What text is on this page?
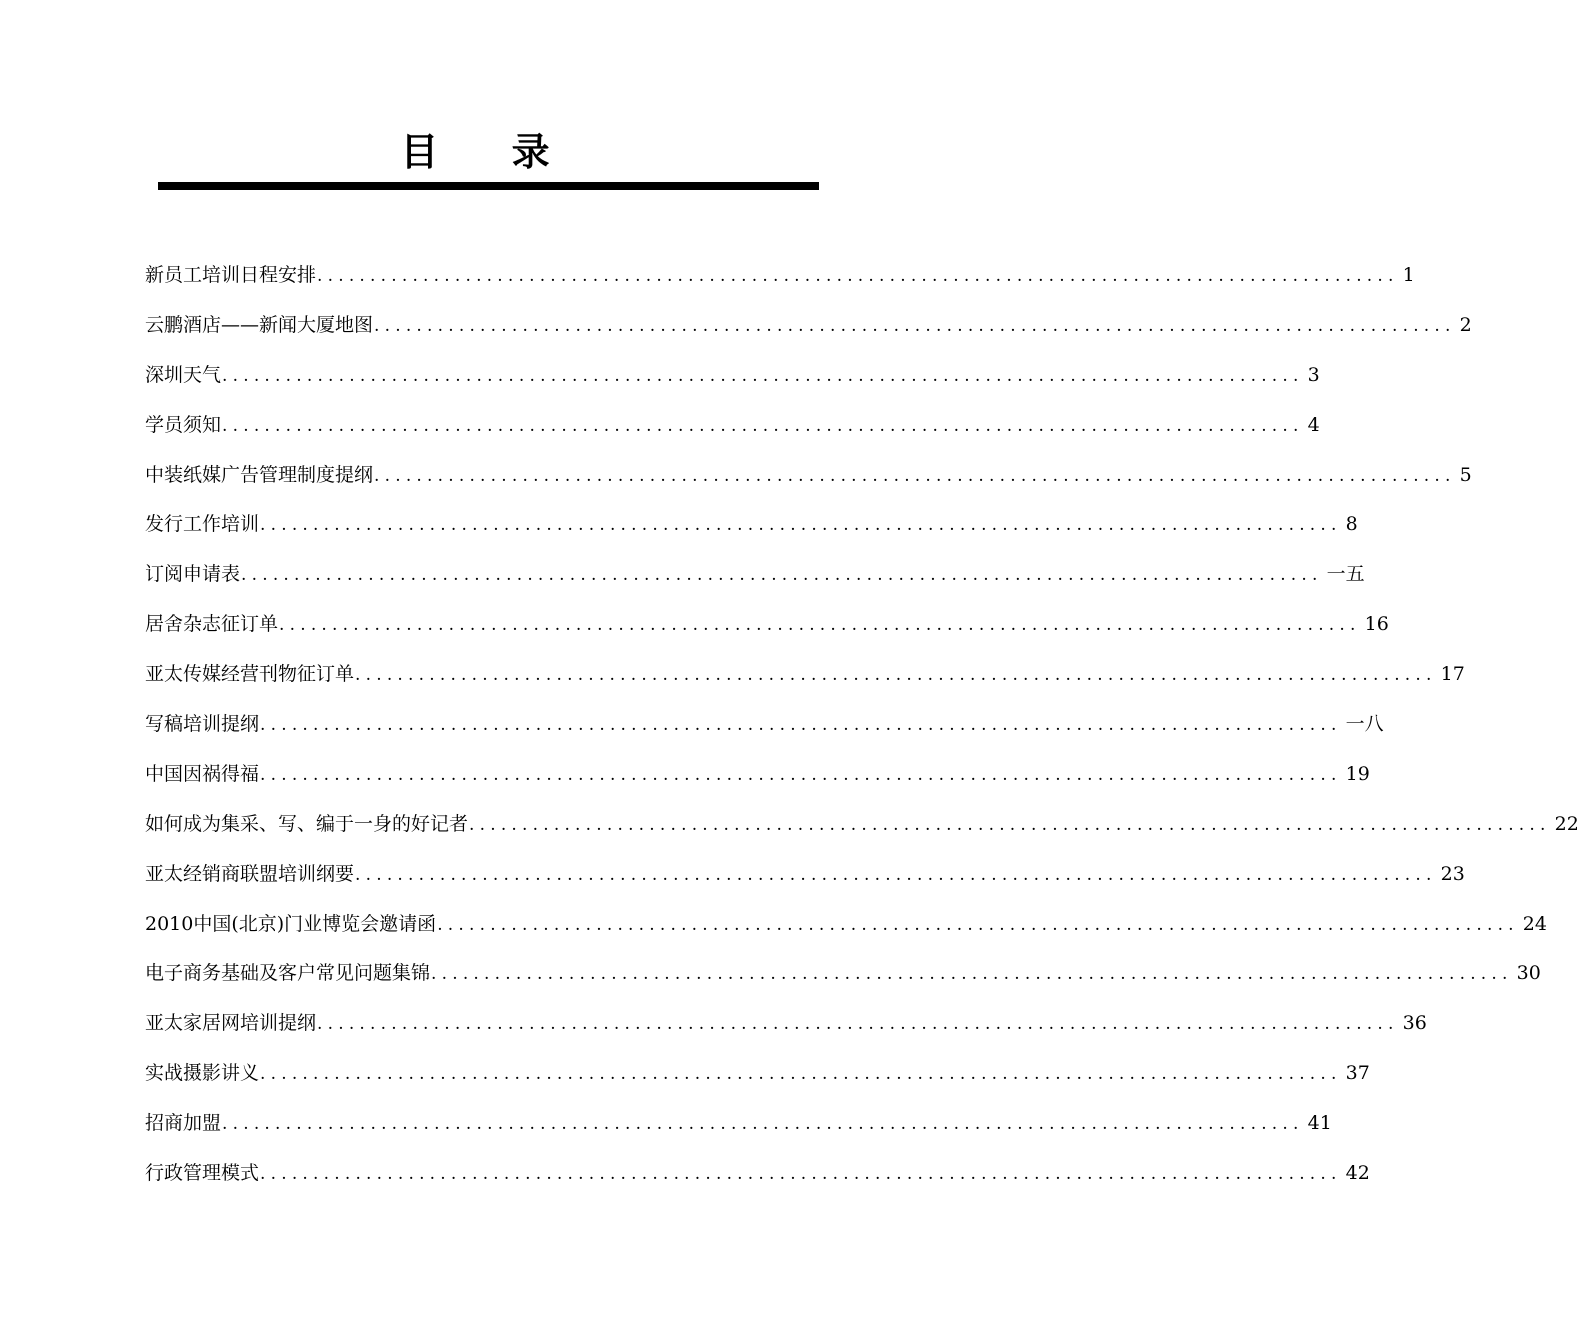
目 录
新员工培训日程安排 ...................................................................................................... 1
云鹏酒店——新闻大厦地图 ...................................................................................................... 2
深圳天气 ...................................................................................................... 3
学员须知 ...................................................................................................... 4
中装纸媒广告管理制度提纲 ...................................................................................................... 5
发行工作培训 ...................................................................................................... 8
订阅申请表 ...................................................................................................... 一五
居舍杂志征订单 ...................................................................................................... 16
亚太传媒经营刊物征订单 ...................................................................................................... 17
写稿培训提纲 ...................................................................................................... 一八
中国因祸得福 ...................................................................................................... 19
如何成为集采、写、编于一身的好记者 ...................................................................................................... 22
亚太经销商联盟培训纲要 ...................................................................................................... 23
2010中国(北京)门业博览会邀请函 ...................................................................................................... 24
电子商务基础及客户常见问题集锦 ...................................................................................................... 30
亚太家居网培训提纲 ...................................................................................................... 36
实战摄影讲义 ...................................................................................................... 37
招商加盟 ...................................................................................................... 41
行政管理模式 ...................................................................................................... 42
